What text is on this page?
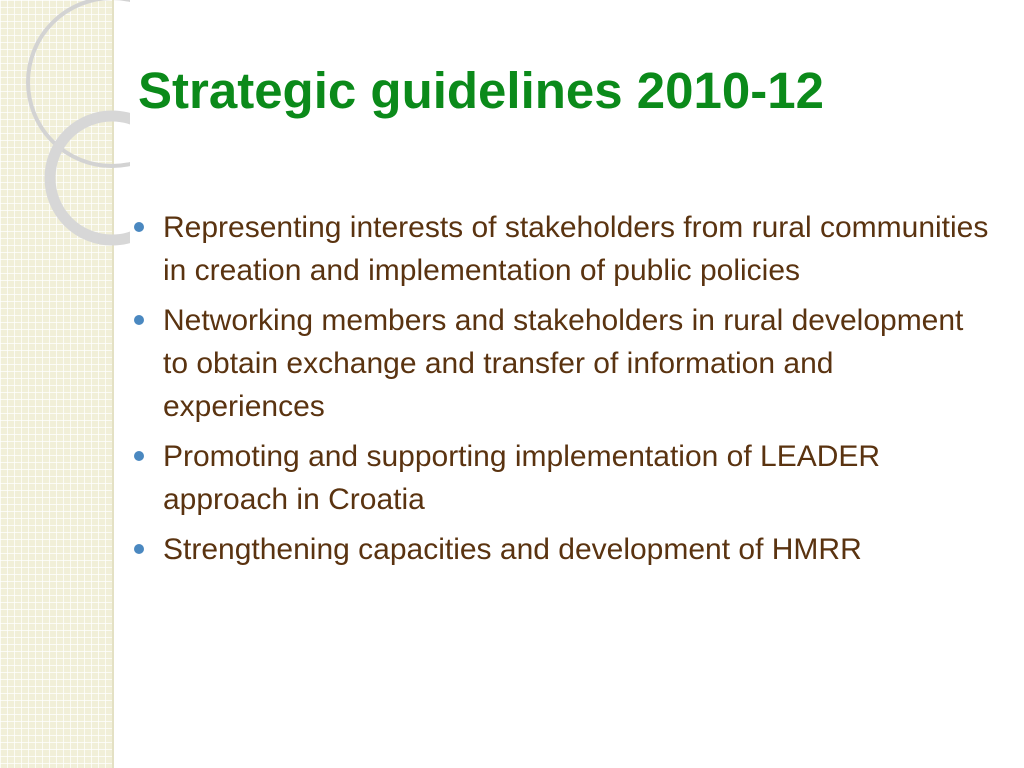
Strategic guidelines 2010-12
Representing interests of stakeholders from rural communities in creation and implementation of public policies
Networking members and stakeholders in rural development to obtain exchange and transfer of information and experiences
Promoting and supporting implementation of LEADER approach in Croatia
Strengthening capacities and development of HMRR
